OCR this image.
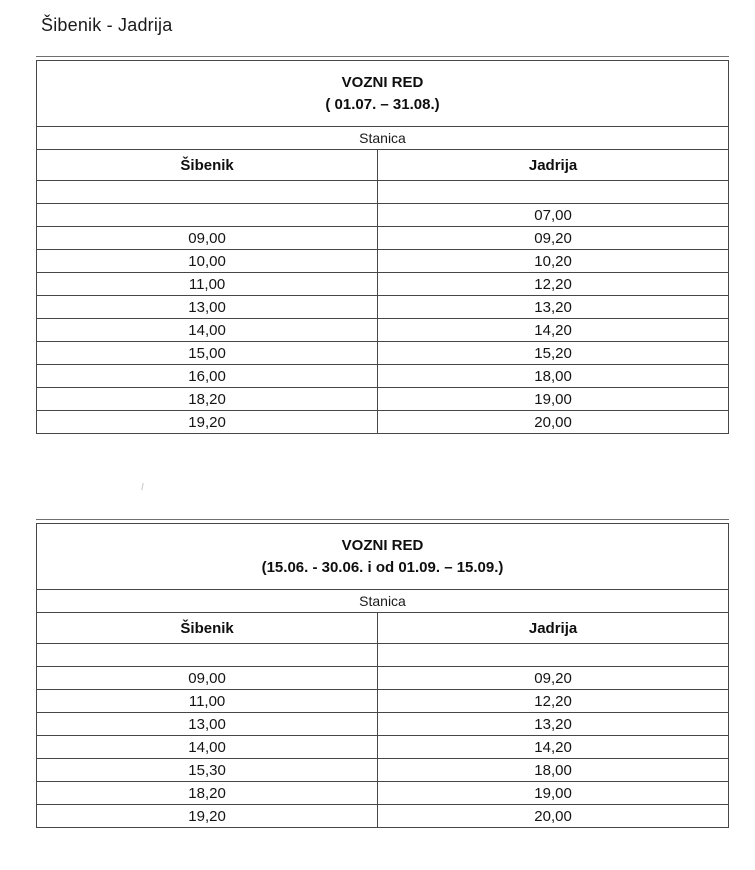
Šibenik - Jadrija
VOZNI RED
( 01.07. – 31.08.)	

Stanica	
Šibenik	Jadrija

	07,00
09,00	09,20
10,00	10,20
11,00	12,20
13,00	13,20
14,00	14,20
15,00	15,20
16,00	18,00
18,20	19,00
19,20	20,00
VOZNI RED
(15.06. - 30.06. i od 01.09. – 15.09.)	

Stanica	
Šibenik	Jadrija

09,00	09,20
11,00	12,20
13,00	13,20
14,00	14,20
15,30	18,00
18,20	19,00
19,20	20,00
